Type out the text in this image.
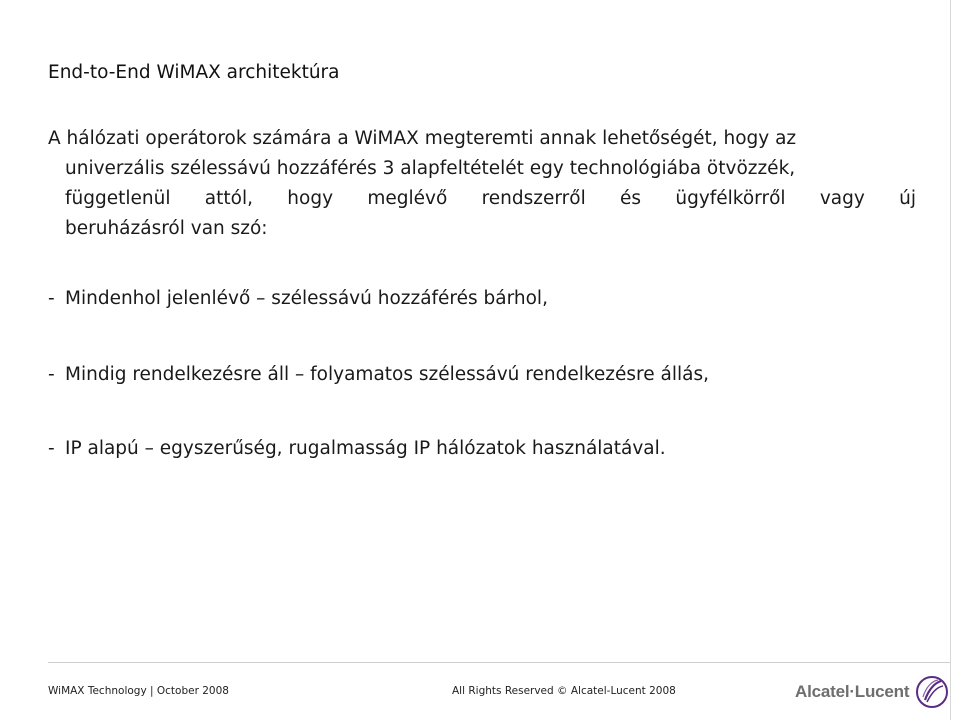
End-to-End WiMAX architektúra
A hálózati operátorok számára a WiMAX megteremti annak lehetőségét, hogy az
univerzális szélessávú hozzáférés 3 alapfeltételét egy technológiába ötvözzék,
függetlenül attól, hogy meglévő rendszerről és ügyfélkörről vagy új
beruházásról van szó:
- Mindenhol jelenlévő – szélessávú hozzáférés bárhol,
- Mindig rendelkezésre áll – folyamatos szélessávú rendelkezésre állás,
- IP alapú – egyszerűség, rugalmasság IP hálózatok használatával.
WiMAX Technology | October 2008	All Rights Reserved © Alcatel-Lucent 2008	Alcatel·Lucent
